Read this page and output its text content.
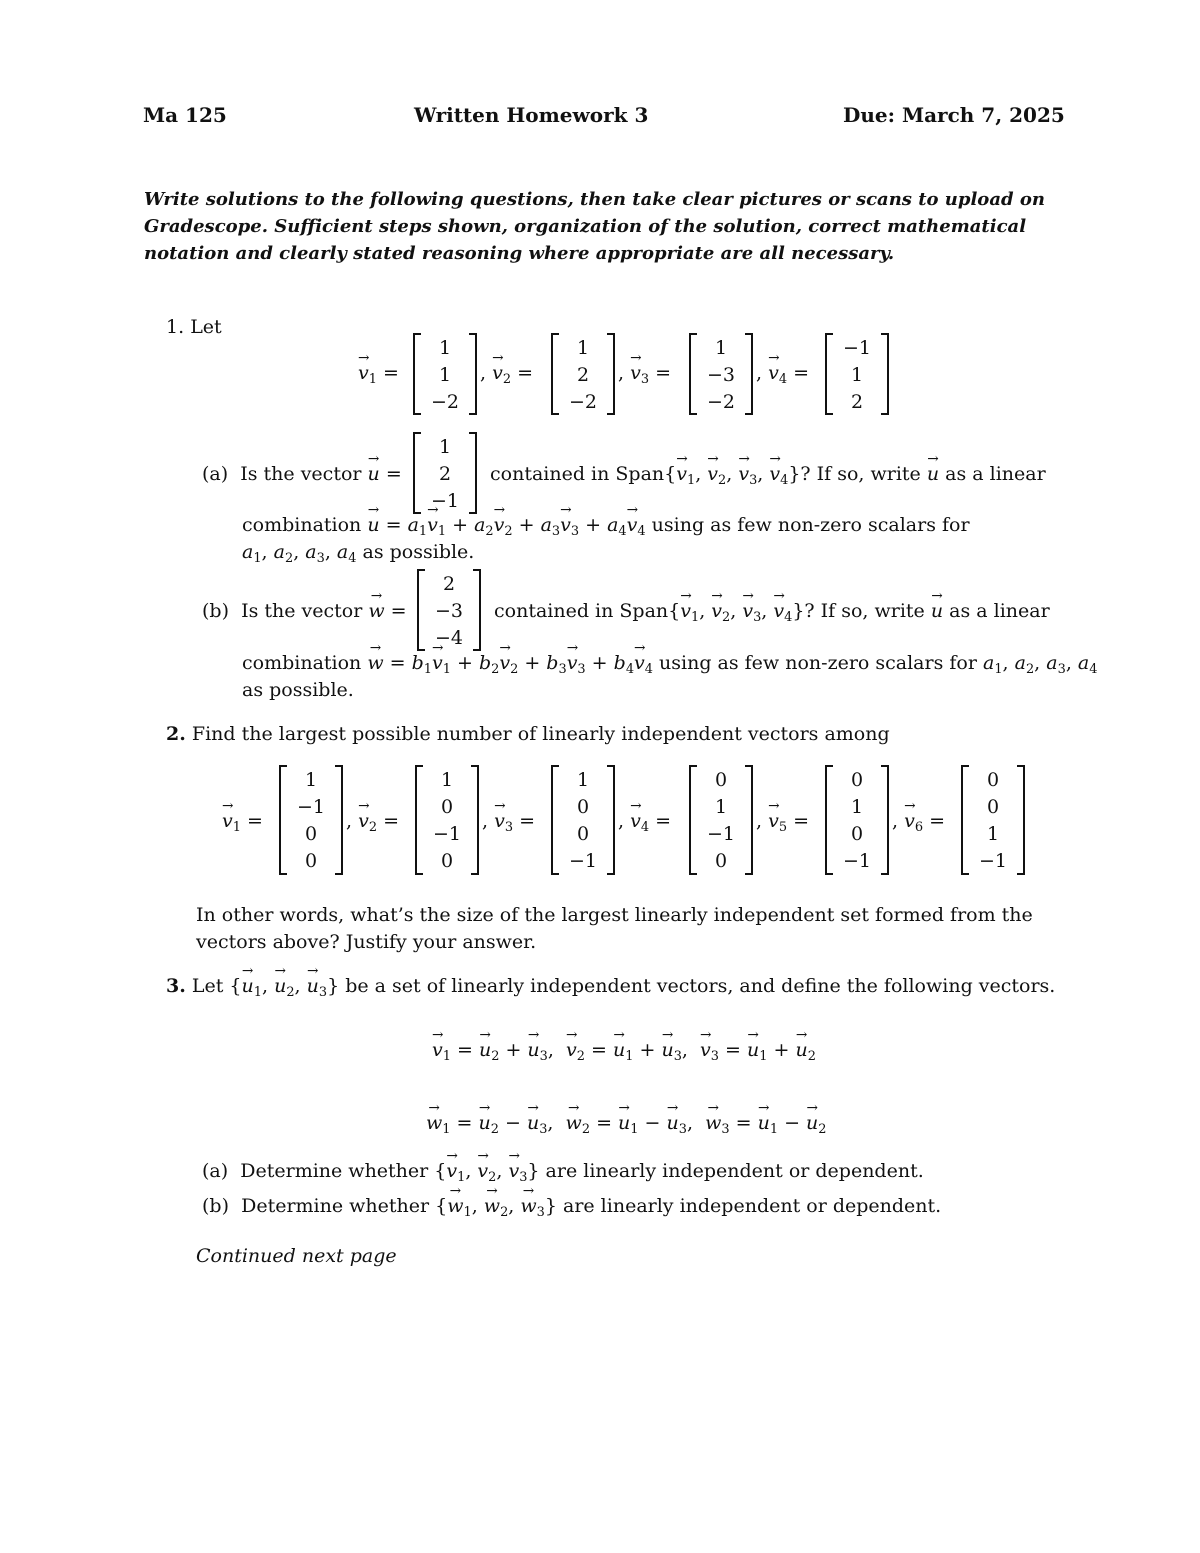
Ma 125	Written Homework 3	Due: March 7, 2025
Write solutions to the following questions, then take clear pictures or scans to upload on
Gradescope. Sufficient steps shown, organization of the solution, correct mathematical
notation and clearly stated reasoning where appropriate are all necessary.
1. Let
→ $v_1$ =
1
1
−2
, → $v_2$ =
1
2
−2
, → $v_3$ =
1
−3
−2
, → $v_4$ =
−1
1
2
(a) Is the vector → u =
1
2
−1
contained in Span{→ $v_1$, → $v_2$, → $v_3$, → $v_4$}? If so, write → u as a linear
combination → $u = a_1\to v_1 + a_2\to v_2 + a_3\to v_3 + a_4\to v_4$ using as few non-zero scalars for
$a_1$, $a_2$, $a_3$, $a_4$ as possible.
(b) Is the vector → w =
2
−3
−4
contained in Span{→ $v_1$, → $v_2$, → $v_3$, → $v_4$}? If so, write → u as a linear
combination → $w = b_1\to v_1 + b_2\to v_2 + b_3\to v_3 + b_4\to v_4$ using as few non-zero scalars for $a_1$, $a_2$, $a_3$, $a_4$
as possible.
2. Find the largest possible number of linearly independent vectors among
→ $v_1$ =
1
−1
0
0
, → $v_2$ =
1
0
−1
0
, → $v_3$ =
1
0
0
−1
, → $v_4$ =
0
1
−1
0
, → $v_5$ =
0
1
0
−1
, → $v_6$ =
0
0
1
−1
In other words, what’s the size of the largest linearly independent set formed from the
vectors above? Justify your answer.
3. Let {→ $u_1$, → $u_2$, → $u_3$} be a set of linearly independent vectors, and define the following vectors.
→ $v_1$ = → $u_2$ + → $u_3$,  → $v_2$ = → $u_1$ + → $u_3$,  → $v_3$ = → $u_1$ + → $u_2$
→ $w_1$ = → $u_2$ − → $u_3$,  → $w_2$ = → $u_1$ − → $u_3$,  → $w_3$ = → $u_1$ − → $u_2$
(a) Determine whether {→ $v_1$, → $v_2$, → $v_3$} are linearly independent or dependent.
(b) Determine whether {→ $w_1$, → $w_2$, → $w_3$} are linearly independent or dependent.
Continued next page
